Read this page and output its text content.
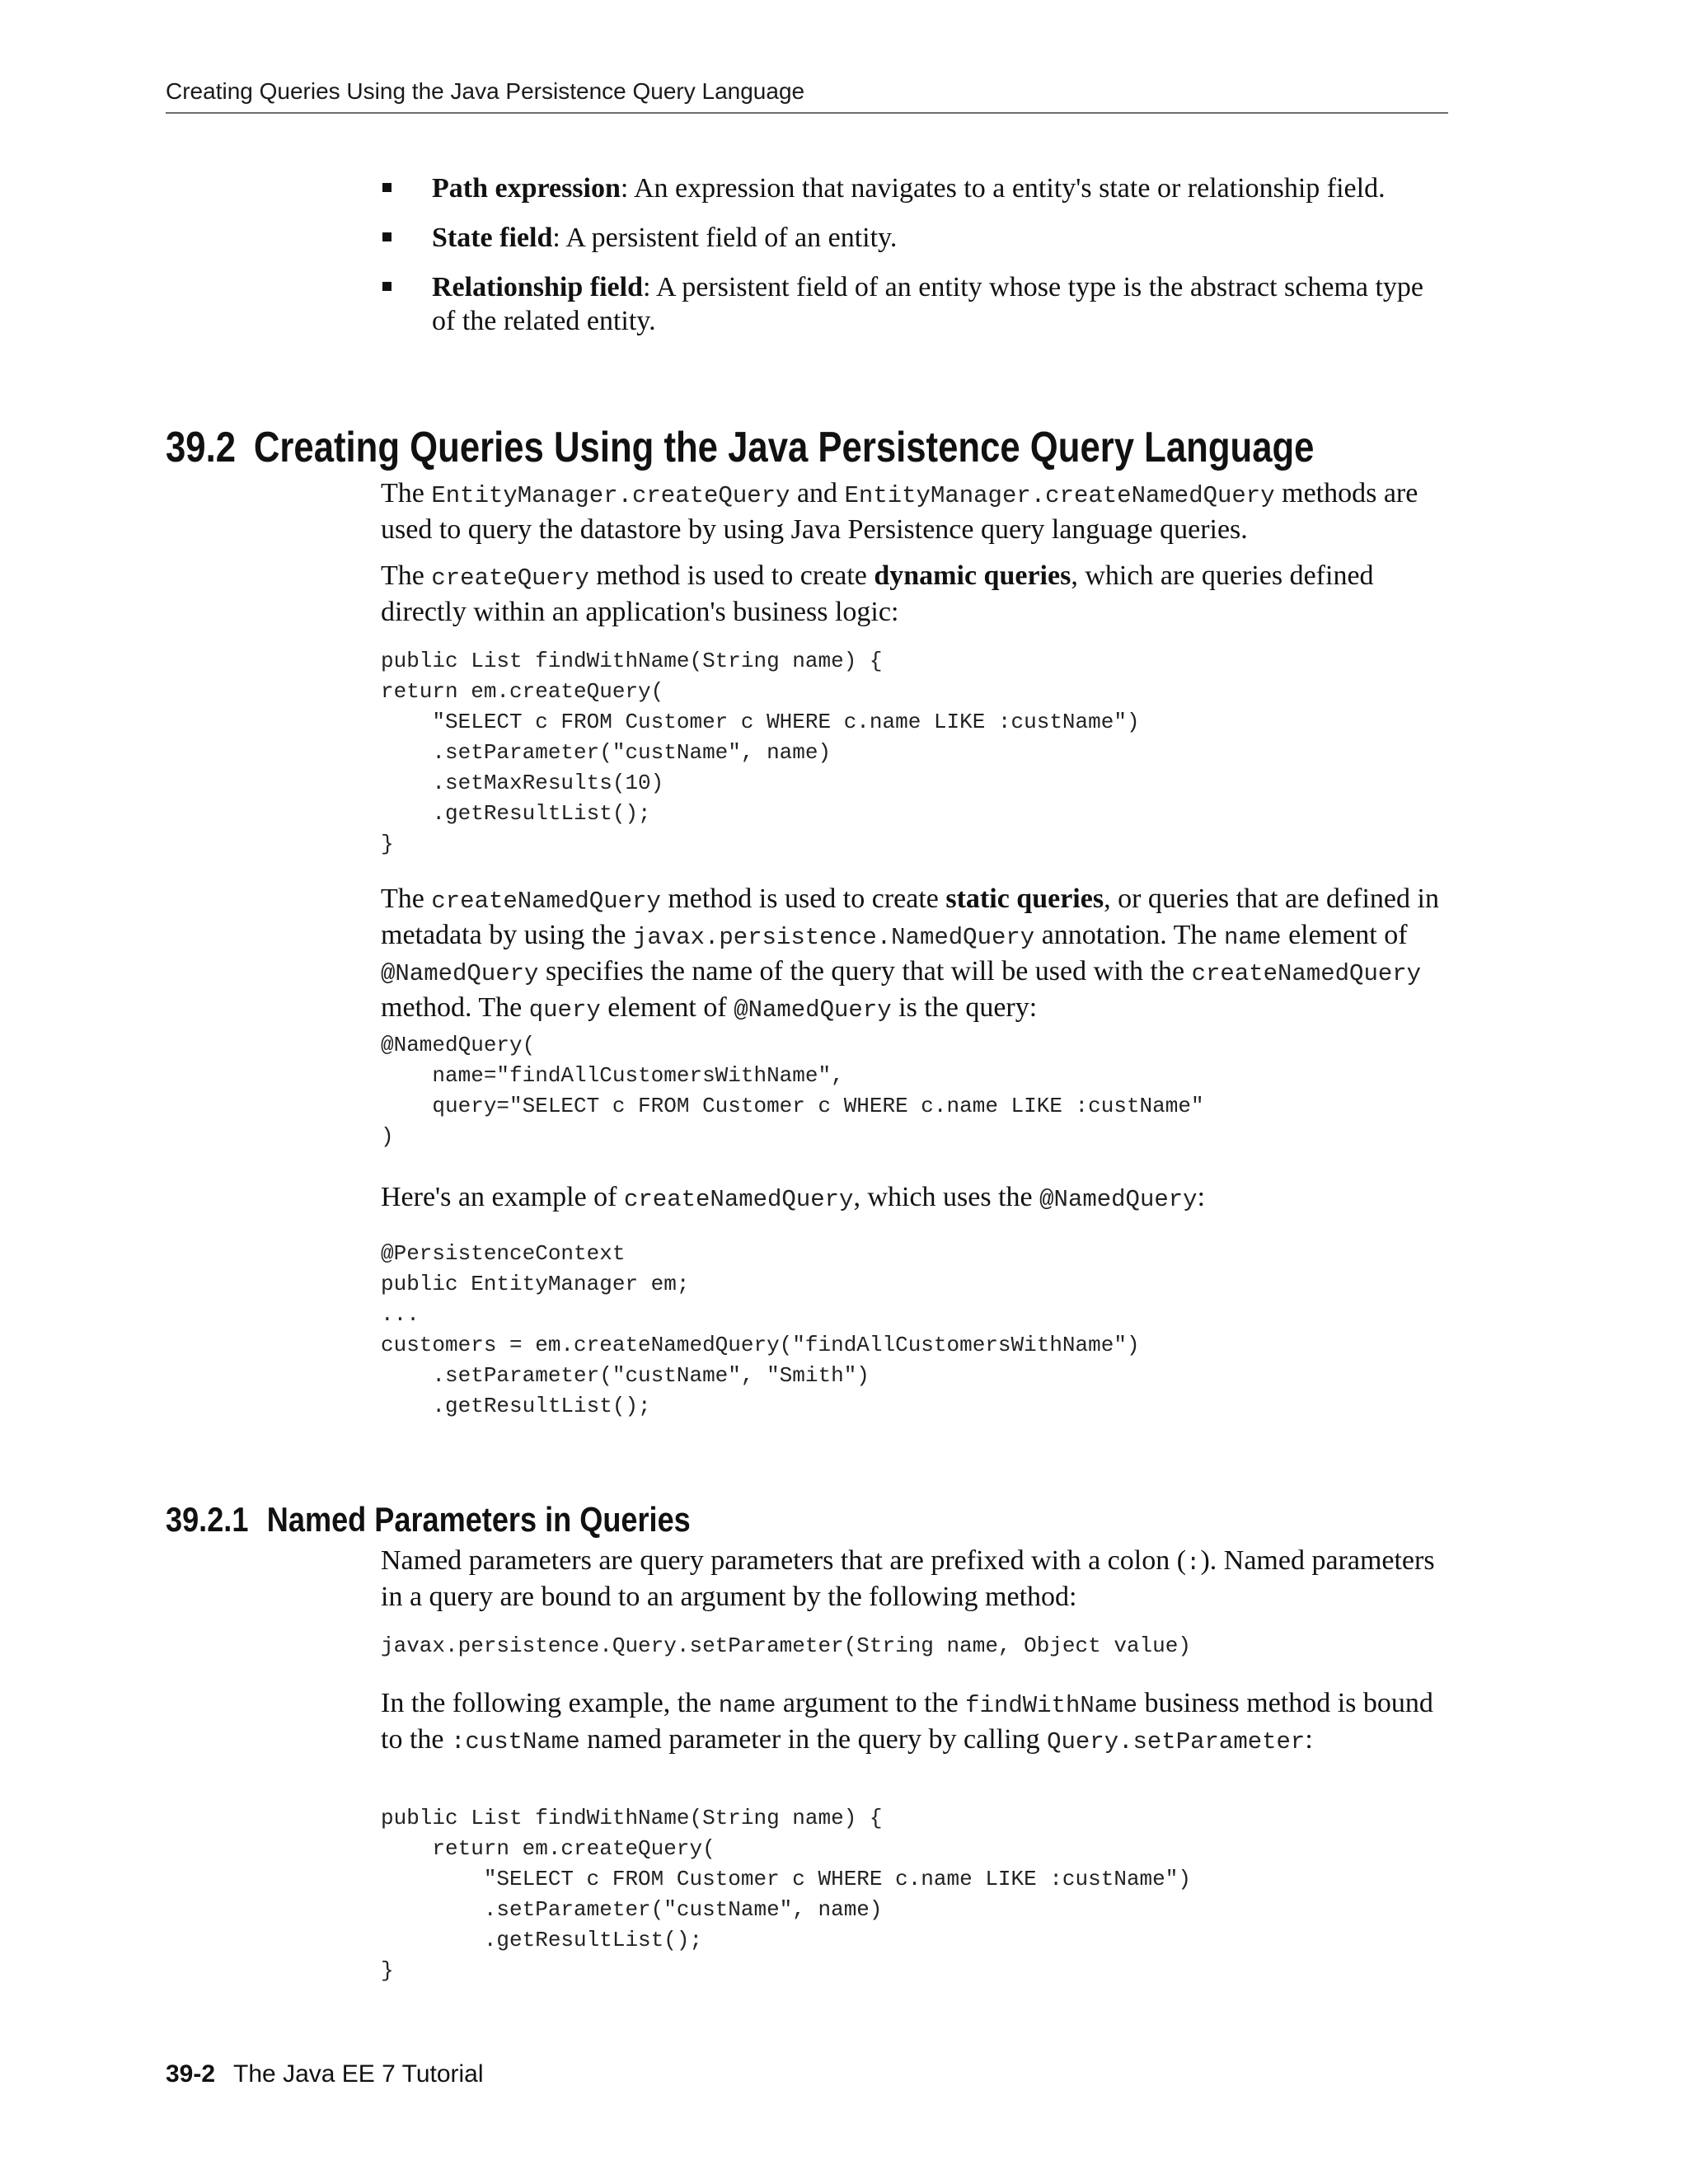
Creating Queries Using the Java Persistence Query Language
Path expression: An expression that navigates to a entity's state or relationship field.
State field: A persistent field of an entity.
Relationship field: A persistent field of an entity whose type is the abstract schema type of the related entity.
39.2 Creating Queries Using the Java Persistence Query Language

The EntityManager.createQuery and EntityManager.createNamedQuery methods are used to query the datastore by using Java Persistence query language queries.

The createQuery method is used to create dynamic queries, which are queries defined directly within an application's business logic:

public List findWithName(String name) {
return em.createQuery(
"SELECT c FROM Customer c WHERE c.name LIKE :custName")
.setParameter("custName", name)
.setMaxResults(10)
.getResultList();
}

The createNamedQuery method is used to create static queries, or queries that are defined in metadata by using the javax.persistence.NamedQuery annotation. The name element of @NamedQuery specifies the name of the query that will be used with the createNamedQuery method. The query element of @NamedQuery is the query:

@NamedQuery(
name="findAllCustomersWithName",
query="SELECT c FROM Customer c WHERE c.name LIKE :custName"
)

Here's an example of createNamedQuery, which uses the @NamedQuery:

@PersistenceContext
public EntityManager em;
...
customers = em.createNamedQuery("findAllCustomersWithName")
.setParameter("custName", "Smith")
.getResultList();
39.2.1 Named Parameters in Queries

Named parameters are query parameters that are prefixed with a colon (:). Named parameters in a query are bound to an argument by the following method:

javax.persistence.Query.setParameter(String name, Object value)

In the following example, the name argument to the findWithName business method is bound to the :custName named parameter in the query by calling Query.setParameter:

public List findWithName(String name) {
return em.createQuery(
"SELECT c FROM Customer c WHERE c.name LIKE :custName")
.setParameter("custName", name)
.getResultList();
}
39-2 The Java EE 7 Tutorial
